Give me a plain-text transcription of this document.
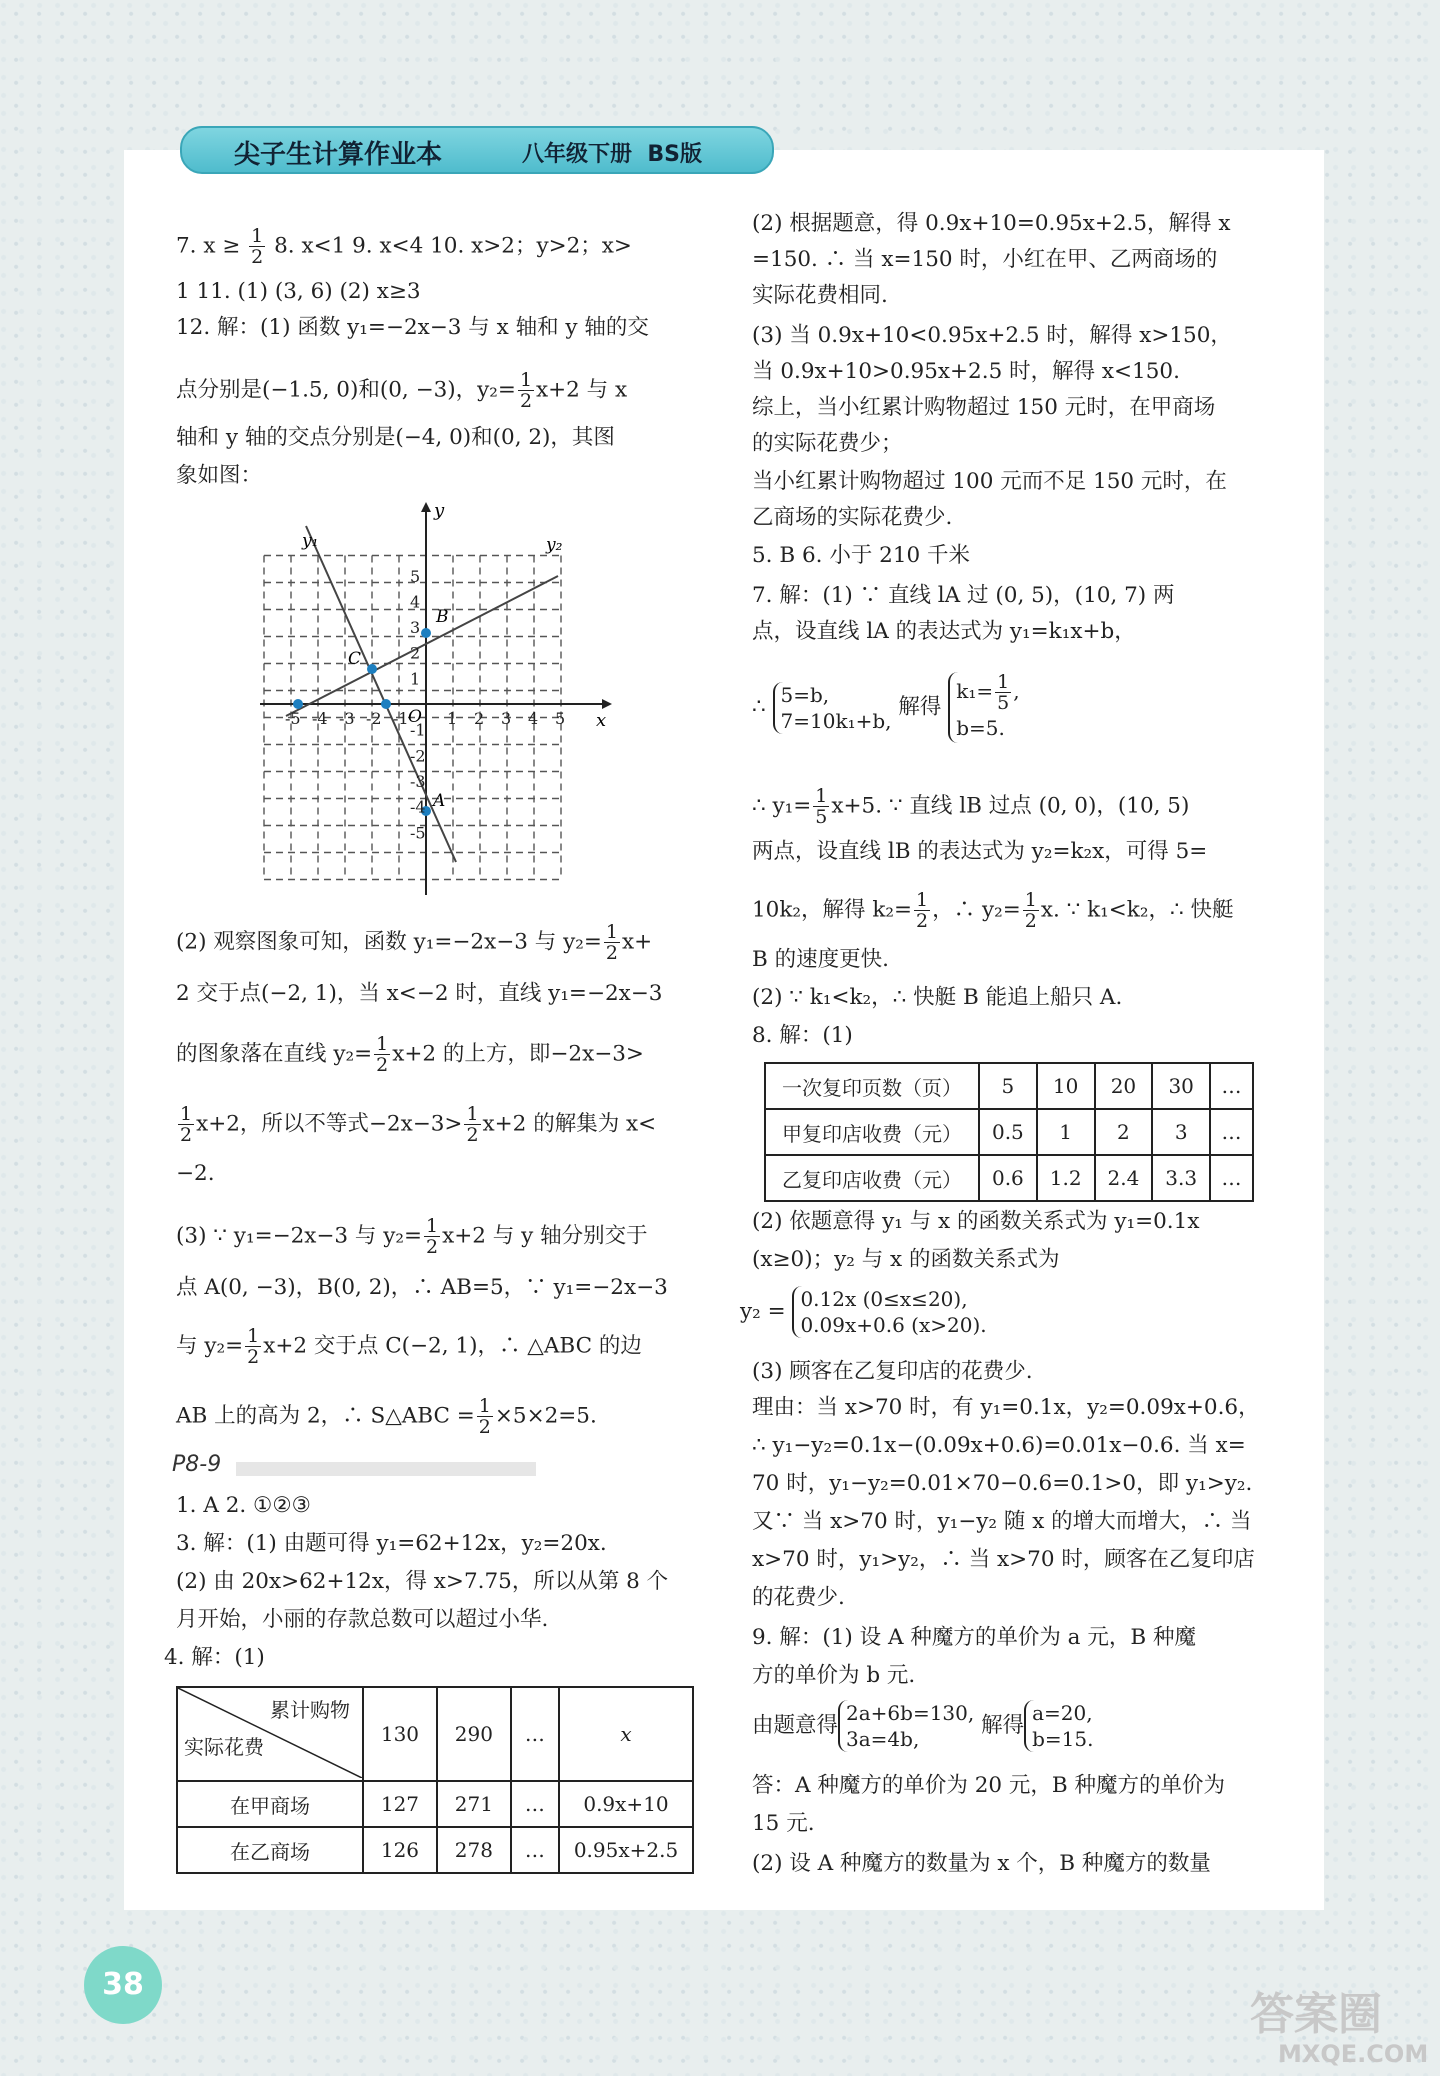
尖子生计算作业本	八年级下册 BS版
7. $x \ge \frac{1}{2} 8$. x<1 9. x<4 10. x>2；y>2；x>
1 11. (1) (3, 6) (2) x≥3
12. 解：(1) 函数 y₁=−2x−3 与 x 轴和 y 轴的交
点分别是(−1.5, 0)和(0, −3)，$y_2= \frac{1}{2} x+2$ 与 x
轴和 y 轴的交点分别是(−4, 0)和(0, 2)，其图
象如图：
-5 -4 -3 -2 -1 1 2 3 4 5
5
4
3
2
1
-1
-2
-3
-4
-5
x
y
O
y₁	y₂
A
B
C
(2) 观察图象可知，函数 y₁=−2x−3 与 $y_2= \frac{1}{2} x+$
2 交于点(−2, 1)，当 x<−2 时，直线 y₁=−2x−3
的图象落在直线 $y_2= \frac{1}{2} x+2$ 的上方，即−2x−3>
$\frac{1}{2} x+2$，所以不等式$-2x-3> \frac{1}{2} x+2$ 的解集为 x<
−2.
(3) ∵ y₁=−2x−3 与 $y_2= \frac{1}{2} x+2$ 与 y 轴分别交于
点 A(0, −3)，B(0, 2)，∴ AB=5，∵ y₁=−2x−3
与 $y_2= \frac{1}{2} x+2$ 交于点 C(−2, 1)，∴ △ABC 的边
AB 上的高为 2，∴ S△ABC = $\frac{1}{2} \times 5\times 2=5$.
P8-9
1. A 2. ①②③
3. 解：(1) 由题可得 y₁=62+12x，y₂=20x.
(2) 由 20x>62+12x，得 x>7.75，所以从第 8 个
月开始，小丽的存款总数可以超过小华.
4. 解：(1)
累计购物
实际花费	130	290	…	x
在甲商场	127	271	…	0.9x+10
在乙商场	126	278	…	0.95x+2.5
(2) 根据题意，得 0.9x+10=0.95x+2.5，解得 x
=150. ∴ 当 x=150 时，小红在甲、乙两商场的
实际花费相同.
(3) 当 0.9x+10<0.95x+2.5 时，解得 x>150，
当 0.9x+10>0.95x+2.5 时，解得 x<150.
综上，当小红累计购物超过 150 元时，在甲商场
的实际花费少；
当小红累计购物超过 100 元而不足 150 元时，在
乙商场的实际花费少.
5. B 6. 小于 210 千米
7. 解：(1) ∵ 直线 lA 过 (0, 5)，(10, 7) 两
点，设直线 lA 的表达式为 y₁=k₁x+b，
∴ 5=b,
7=10k₁+b, 解得 $k_1= \frac{1}{5}$ ,
b=5.
∴ $y_1= \frac{1}{5} x+5$. ∵ 直线 lB 过点 (0, 0)，(10, 5)
两点，设直线 lB 的表达式为 y₂=k₂x，可得 5=
10k₂，解得 $k_2= \frac{1}{2}$ ，∴ $y_2= \frac{1}{2} x$. ∵ k₁<k₂，∴ 快艇
B 的速度更快.
(2) ∵ k₁<k₂，∴ 快艇 B 能追上船只 A.
8. 解：(1)
一次复印页数（页）	5	10	20	30	…
甲复印店收费（元）	0.5	1	2	3	…
乙复印店收费（元）	0.6	1.2	2.4	3.3	…
(2) 依题意得 y₁ 与 x 的函数关系式为 y₁=0.1x
(x≥0)；y₂ 与 x 的函数关系式为
y₂ = 0.12x (0≤x≤20),
0.09x+0.6 (x>20).
(3) 顾客在乙复印店的花费少.
理由：当 x>70 时，有 y₁=0.1x，y₂=0.09x+0.6，
∴ y₁−y₂=0.1x−(0.09x+0.6)=0.01x−0.6. 当 x=
70 时，y₁−y₂=0.01×70−0.6=0.1>0，即 y₁>y₂.
又∵ 当 x>70 时，y₁−y₂ 随 x 的增大而增大，∴ 当
x>70 时，y₁>y₂，∴ 当 x>70 时，顾客在乙复印店
的花费少.
9. 解：(1) 设 A 种魔方的单价为 a 元，B 种魔
方的单价为 b 元.
由题意得 2a+6b=130,
3a=4b, 解得 a=20,
b=15.
答：A 种魔方的单价为 20 元，B 种魔方的单价为
15 元.
(2) 设 A 种魔方的数量为 x 个，B 种魔方的数量
38
答案圈
MXQE.COM
